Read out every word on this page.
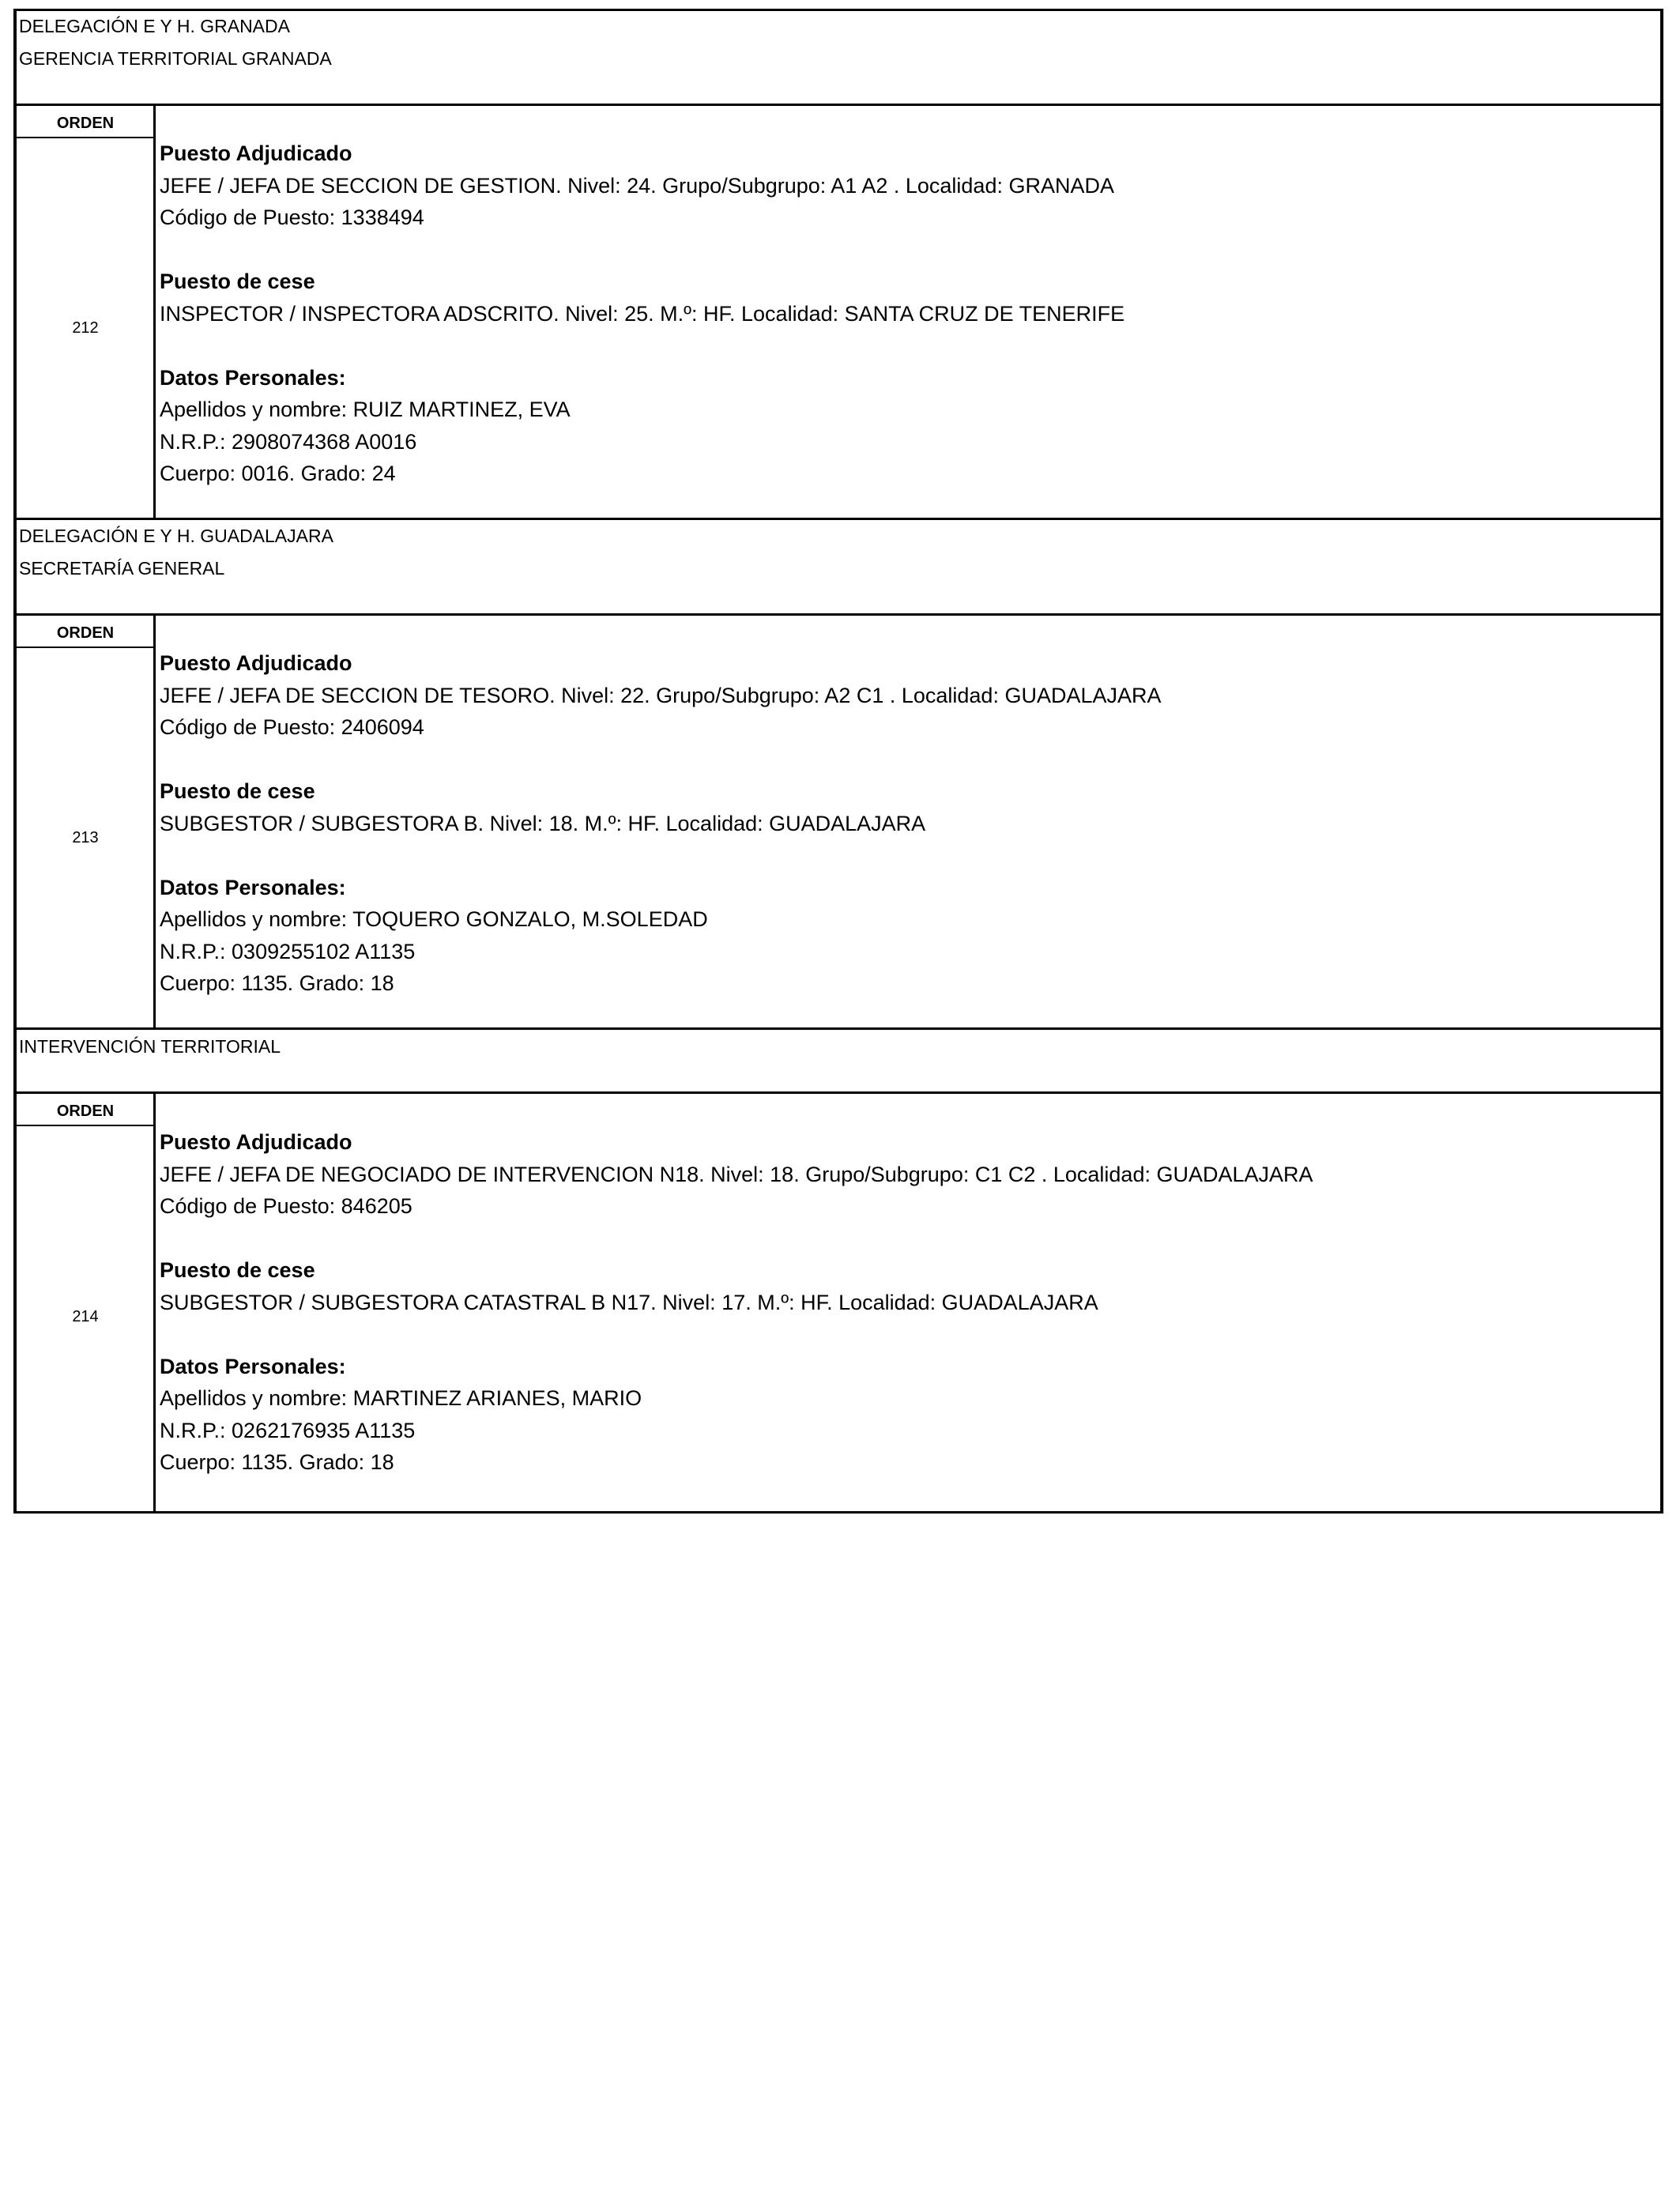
DELEGACIÓN E Y H. GRANADA
GERENCIA TERRITORIAL GRANADA
ORDEN
212
Puesto Adjudicado
JEFE / JEFA DE SECCION DE GESTION. Nivel: 24. Grupo/Subgrupo: A1 A2 . Localidad: GRANADA
Código de Puesto: 1338494
Puesto de cese
INSPECTOR / INSPECTORA ADSCRITO. Nivel: 25. M.º: HF. Localidad: SANTA CRUZ DE TENERIFE
Datos Personales:
Apellidos y nombre: RUIZ MARTINEZ, EVA
N.R.P.: 2908074368 A0016
Cuerpo: 0016. Grado: 24
DELEGACIÓN E Y H. GUADALAJARA
SECRETARÍA GENERAL
ORDEN
213
Puesto Adjudicado
JEFE / JEFA DE SECCION DE TESORO. Nivel: 22. Grupo/Subgrupo: A2 C1 . Localidad: GUADALAJARA
Código de Puesto: 2406094
Puesto de cese
SUBGESTOR / SUBGESTORA B. Nivel: 18. M.º: HF. Localidad: GUADALAJARA
Datos Personales:
Apellidos y nombre: TOQUERO GONZALO, M.SOLEDAD
N.R.P.: 0309255102 A1135
Cuerpo: 1135. Grado: 18
INTERVENCIÓN TERRITORIAL
ORDEN
214
Puesto Adjudicado
JEFE / JEFA DE NEGOCIADO DE INTERVENCION N18. Nivel: 18. Grupo/Subgrupo: C1 C2 . Localidad: GUADALAJARA
Código de Puesto: 846205
Puesto de cese
SUBGESTOR / SUBGESTORA CATASTRAL B N17. Nivel: 17. M.º: HF. Localidad: GUADALAJARA
Datos Personales:
Apellidos y nombre: MARTINEZ ARIANES, MARIO
N.R.P.: 0262176935 A1135
Cuerpo: 1135. Grado: 18
